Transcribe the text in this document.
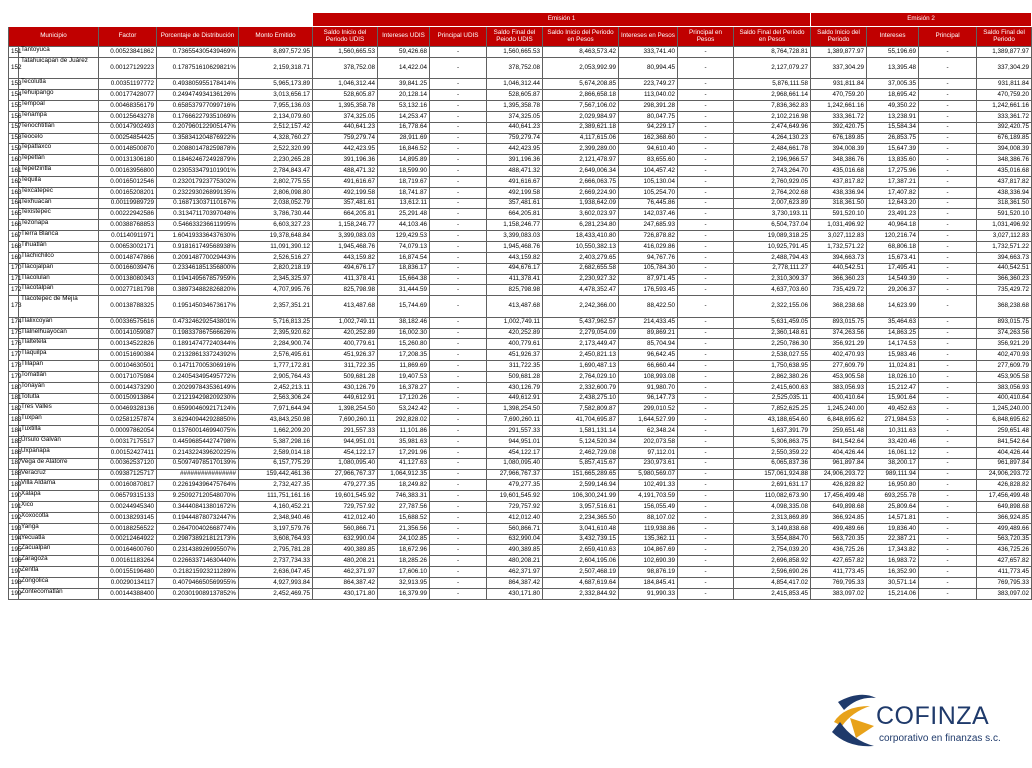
					Emisión 1								Emisión 2			
Municipio		Factor	Porcentaje de Distribución	Monto Emitido	Saldo Inicio del Periodo UDIS	Intereses UDIS	Principal UDIS	Saldo Final del Peiodo UDIS	Saldo Inicio del Periodo en Pesos	Intereses en Pesos	Principal en Pesos	Saldo Final del Periodo en Pesos	Saldo Inicio del Periodo	Intereses	Principal	Saldo Final del Periodo
151	Tantoyuca	0.00523841862	0.736554305439469%	8,897,572.95	1,560,665.53	59,426.68	-	1,560,665.53	8,463,573.42	333,741.40	-	8,764,728.81	1,389,877.97	55,196.69	-	1,389,877.97
152	Tatahuicapan de Juárez	0.00127129223	0.178751610629821%	2,159,318.71	378,752.08	14,422.04	-	378,752.08	2,053,992.99	80,994.45	-	2,127,079.27	337,304.29	13,395.48	-	337,304.29
153	Tecolutla	0.00351197772	0.493805955178414%	5,965,173.89	1,046,312.44	39,841.25	-	1,046,312.44	5,674,208.85	223,749.27	-	5,876,111.58	931,811.84	37,005.35	-	931,811.84
154	Tehuipango	0.00177428077	0.249474934136126%	3,013,656.17	528,605.87	20,128.14	-	528,605.87	2,866,658.18	113,040.02	-	2,968,661.14	470,759.20	18,695.42	-	470,759.20
155	Tempoal	0.00468356179	0.658537977099716%	7,955,136.03	1,395,358.78	53,132.16	-	1,395,358.78	7,567,106.02	298,391.28	-	7,836,362.83	1,242,661.16	49,350.22	-	1,242,661.16
156	Tenampa	0.00125643278	0.176662279351069%	2,134,079.60	374,325.05	14,253.47	-	374,325.05	2,029,984.97	80,047.75	-	2,102,216.98	333,361.72	13,238.91	-	333,361.72
157	Tenochtitlán	0.00147902493	0.207960122905147%	2,512,157.42	440,641.23	16,778.64	-	440,641.23	2,389,621.18	94,229.17	-	2,474,649.96	392,420.75	15,584.34	-	392,420.75
158	Teocelo	0.00254854425	0.358341204876922%	4,328,760.27	759,279.74	28,911.69	-	759,279.74	4,117,615.06	162,368.60	-	4,264,130.23	676,189.85	26,853.75	-	676,189.85
159	Tepatlaxco	0.00148500870	0.208801478259878%	2,522,320.99	442,423.95	16,846.52	-	442,423.95	2,399,289.00	94,610.40	-	2,484,661.78	394,008.39	15,647.39	-	394,008.39
160	Tepetlán	0.00131306180	0.184624672492879%	2,230,265.28	391,196.36	14,895.89	-	391,196.36	2,121,478.97	83,655.60	-	2,196,966.57	348,386.76	13,835.60	-	348,386.76
161	Tepetzintla	0.00163956800	0.230533479101901%	2,784,843.47	488,471.32	18,599.90	-	488,471.32	2,649,006.34	104,457.42	-	2,743,264.70	435,016.68	17,275.96	-	435,016.68
162	Tequila	0.00165012546	0.232017923775302%	2,802,775.55	491,616.67	18,719.67	-	491,616.67	2,666,063.75	105,130.04	-	2,760,929.05	437,817.82	17,387.21	-	437,817.82
163	Texcatepec	0.00165208201	0.232293026899135%	2,806,098.80	492,199.58	18,741.87	-	492,199.58	2,669,224.90	105,254.70	-	2,764,202.68	438,336.94	17,407.82	-	438,336.94
164	Texhuacan	0.00119989729	0.168713037110167%	2,038,052.79	357,481.61	13,612.11	-	357,481.61	1,938,642.09	76,445.86	-	2,007,623.89	318,361.50	12,643.20	-	318,361.50
165	Texistepec	0.00222942586	0.313471170397048%	3,786,730.44	664,205.81	25,291.48	-	664,205.81	3,602,023.97	142,037.46	-	3,730,193.11	591,520.10	23,491.23	-	591,520.10
166	Tezonapa	0.00388768853	0.546633236611995%	6,603,327.23	1,158,246.77	44,103.46	-	1,158,246.77	6,281,234.80	247,685.93	-	6,504,737.04	1,031,496.92	40,964.18	-	1,031,496.92
167	Tierra Blanca	0.01140911971	1.604193336437630%	19,378,648.84	3,399,083.03	129,429.53	-	3,399,083.03	18,433,410.80	726,878.82	-	19,089,318.25	3,027,112.83	120,216.74	-	3,027,112.83
168	Tihuatlán	0.00653002171	0.918161749568938%	11,091,390.12	1,945,468.76	74,079.13	-	1,945,468.76	10,550,382.13	416,029.86	-	10,925,791.45	1,732,571.22	68,806.18	-	1,732,571.22
169	Tlachichilco	0.00148747866	0.209148770029443%	2,526,516.27	443,159.82	16,874.54	-	443,159.82	2,403,279.65	94,767.76	-	2,488,794.43	394,663.73	15,673.41	-	394,663.73
170	Tlacojalpan	0.00166039476	0.233461851356800%	2,820,218.19	494,676.17	18,836.17	-	494,676.17	2,682,655.58	105,784.30	-	2,778,111.27	440,542.51	17,495.41	-	440,542.51
171	Tlacolulan	0.00138080343	0.194149567857959%	2,345,325.97	411,378.41	15,664.38	-	411,378.41	2,230,927.32	87,971.45	-	2,310,309.37	366,360.23	14,549.39	-	366,360.23
172	Tlacotalpan	0.00277181798	0.389734882826820%	4,707,995.76	825,798.98	31,444.59	-	825,798.98	4,478,352.47	176,593.45	-	4,637,703.60	735,429.72	29,206.37	-	735,429.72
173	Tlacotepec de Mejía	0.00138788325	0.195145034673617%	2,357,351.21	413,487.68	15,744.69	-	413,487.68	2,242,366.00	88,422.50	-	2,322,155.06	368,238.68	14,623.99	-	368,238.68
174	Tlalixcoyan	0.00336575616	0.473246292543801%	5,716,813.25	1,002,749.11	38,182.46	-	1,002,749.11	5,437,962.57	214,433.45	-	5,631,459.05	893,015.75	35,464.63	-	893,015.75
175	Tlalnelhuayocan	0.00141059087	0.198337867566626%	2,395,920.62	420,252.89	16,002.30	-	420,252.89	2,279,054.09	89,869.21	-	2,360,148.61	374,263.56	14,863.25	-	374,263.56
176	Tlaltetela	0.00134522826	0.189147477240344%	2,284,900.74	400,779.61	15,260.80	-	400,779.61	2,173,449.47	85,704.94	-	2,250,786.30	356,921.29	14,174.53	-	356,921.29
177	Tlaquilpa	0.00151690384	0.213286133724392%	2,576,495.61	451,926.37	17,208.35	-	451,926.37	2,450,821.13	96,642.45	-	2,538,027.55	402,470.93	15,983.46	-	402,470.93
178	Tlilapan	0.00104630501	0.147117005306916%	1,777,172.81	311,722.35	11,869.69	-	311,722.35	1,690,487.13	66,660.44	-	1,750,638.95	277,609.79	11,024.81	-	277,609.79
179	Tomatlán	0.00171075984	0.240543495495772%	2,905,764.43	509,681.28	19,407.53	-	509,681.28	2,764,029.10	108,993.08	-	2,862,380.26	453,905.58	18,026.10	-	453,905.58
180	Tonayán	0.00144373290	0.202997843536149%	2,452,213.11	430,126.79	16,378.27	-	430,126.79	2,332,600.79	91,980.70	-	2,415,600.63	383,056.93	15,212.47	-	383,056.93
181	Totutla	0.00150913864	0.212194298209230%	2,563,306.24	449,612.91	17,120.26	-	449,612.91	2,438,275.10	96,147.73	-	2,525,035.11	400,410.64	15,901.64	-	400,410.64
182	Tres Valles	0.00469328136	0.659904609217124%	7,971,644.94	1,398,254.50	53,242.42	-	1,398,254.50	7,582,809.87	299,010.52	-	7,852,625.25	1,245,240.00	49,452.63	-	1,245,240.00
183	Tuxpan	0.02581257874	3.629409442928850%	43,843,250.98	7,690,260.11	292,828.02	-	7,690,260.11	41,704,695.87	1,644,527.99	-	43,188,654.60	6,848,695.62	271,984.53	-	6,848,695.62
184	Tuxtilla	0.00097862054	0.137600146994075%	1,662,209.20	291,557.33	11,101.86	-	291,557.33	1,581,131.14	62,348.24	-	1,637,391.79	259,651.48	10,311.63	-	259,651.48
185	Úrsulo Galván	0.00317175517	0.445968544274798%	5,387,298.16	944,951.01	35,981.63	-	944,951.01	5,124,520.34	202,073.58	-	5,306,863.75	841,542.64	33,420.46	-	841,542.64
186	Uxpanapa	0.00152427411	0.214322439620225%	2,589,014.18	454,122.17	17,291.96	-	454,122.17	2,462,729.08	97,112.01	-	2,550,359.22	404,426.44	16,061.12	-	404,426.44
187	Vega de Alatorre	0.00362537120	0.509749785170139%	6,157,775.29	1,080,095.40	41,127.63	-	1,080,095.40	5,857,415.67	230,973.61	-	6,065,837.36	961,897.84	38,200.17	-	961,897.84
188	Veracruz	0.09387125717	################	159,442,461.36	27,966,767.37	1,064,912.35	-	27,966,767.37	151,665,289.65	5,980,569.07	-	157,061,924.88	24,906,293.72	989,111.94	-	24,906,293.72
189	Villa Aldama	0.00160870817	0.226194396475764%	2,732,427.35	479,277.35	18,249.82	-	479,277.35	2,599,146.94	102,491.33	-	2,691,631.17	426,828.82	16,950.80	-	426,828.82
190	Xalapa	0.06579315133	9.250927120548070%	111,751,161.16	19,601,545.92	746,383.31	-	19,601,545.92	106,300,241.99	4,191,703.59	-	110,082,673.90	17,456,499.48	693,255.78	-	17,456,499.48
191	Xico	0.00244945340	0.344408413801672%	4,160,452.21	729,757.92	27,787.56	-	729,757.92	3,957,516.61	156,055.49	-	4,098,335.08	649,898.68	25,809.64	-	649,898.68
192	Xoxocotla	0.00138293145	0.194448780732447%	2,348,940.46	412,012.40	15,688.52	-	412,012.40	2,234,365.50	88,107.02	-	2,313,869.89	366,924.85	14,571.81	-	366,924.85
193	Yanga	0.00188256522	0.264700402668774%	3,197,579.76	560,866.71	21,356.56	-	560,866.71	3,041,610.48	119,938.86	-	3,149,838.68	499,489.66	19,836.40	-	499,489.66
194	Yecuatla	0.00212464922	0.298738921812173%	3,608,764.93	632,990.04	24,102.85	-	632,990.04	3,432,739.15	135,362.11	-	3,554,884.70	563,720.35	22,387.21	-	563,720.35
195	Zacualpan	0.00164600760	0.231438926995507%	2,795,781.28	490,389.85	18,672.96	-	490,389.85	2,659,410.63	104,867.69	-	2,754,039.20	436,725.26	17,343.82	-	436,725.26
196	Zaragoza	0.00161183264	0.226633714630440%	2,737,734.33	480,208.21	18,285.26	-	480,208.21	2,604,195.06	102,690.39	-	2,696,858.92	427,657.82	16,983.72	-	427,657.82
197	Zentla	0.00155196480	0.218215923211289%	2,636,047.45	462,371.97	17,606.10	-	462,371.97	2,507,468.19	98,876.19	-	2,596,690.26	411,773.45	16,352.90	-	411,773.45
198	Zongolica	0.00290134117	0.407946650569955%	4,927,993.84	864,387.42	32,913.95	-	864,387.42	4,687,619.64	184,845.41	-	4,854,417.02	769,795.33	30,571.14	-	769,795.33
199	Zontecomatlán	0.00144388400	0.203019089137852%	2,452,469.75	430,171.80	16,379.99	-	430,171.80	2,332,844.92	91,990.33	-	2,415,853.45	383,097.02	15,214.06	-	383,097.02
COFINZA
corporativo en finanzas s.c.
